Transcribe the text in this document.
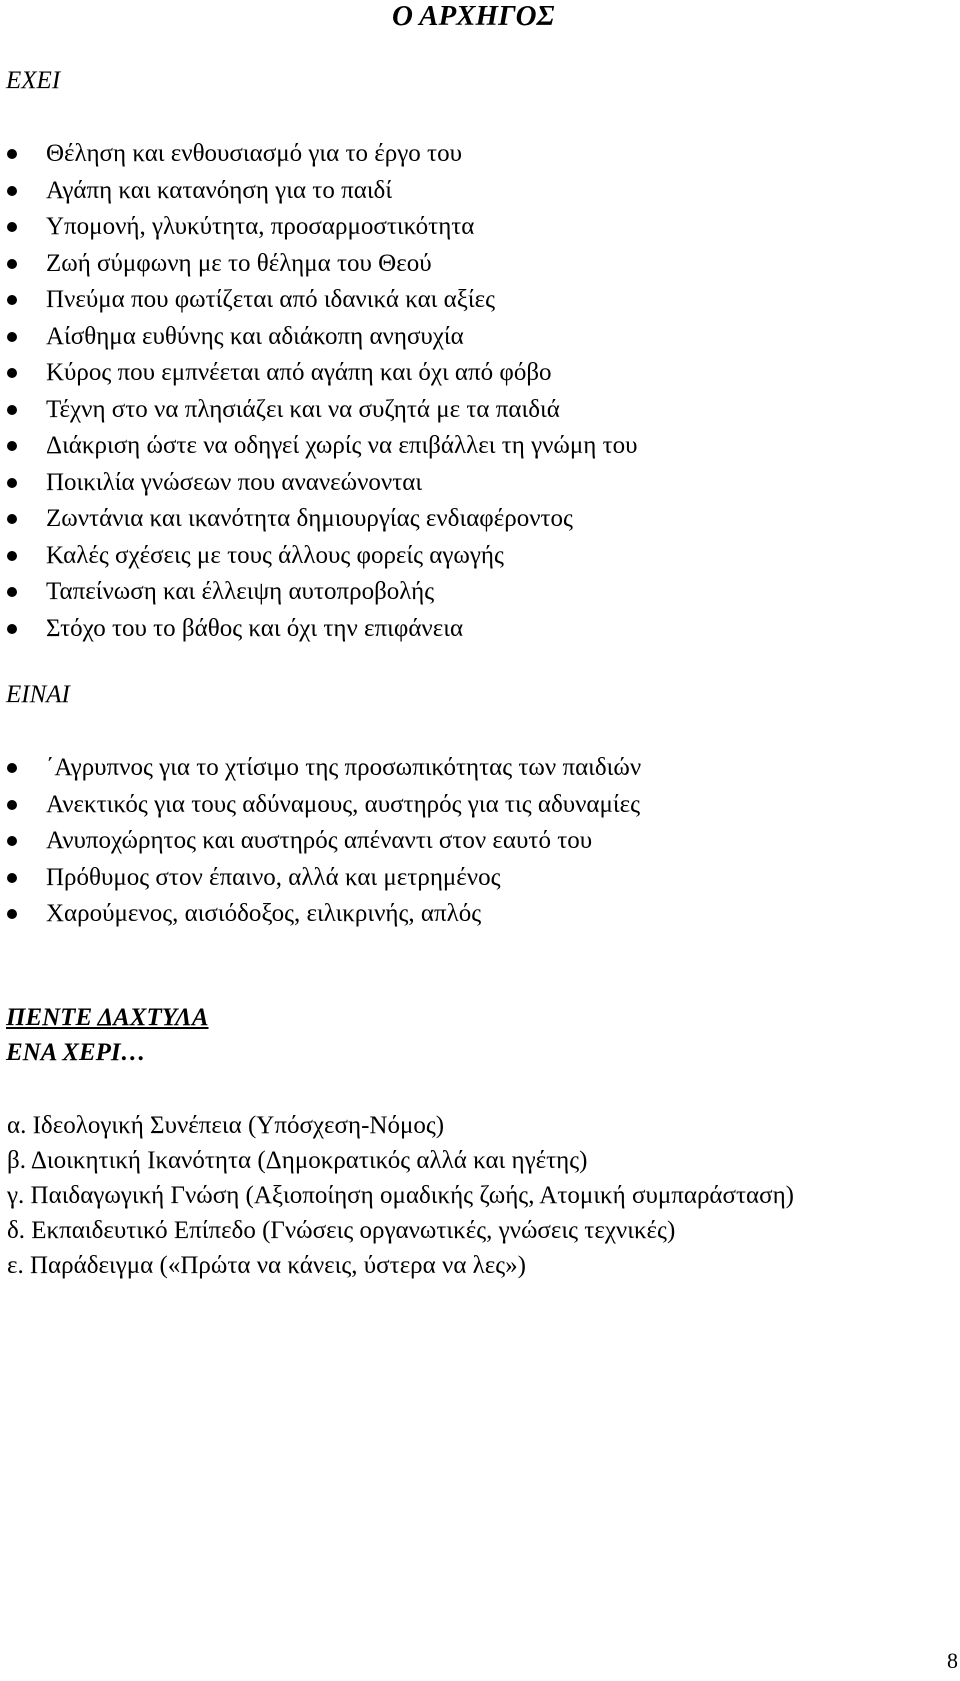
Ο ΑΡΧΗΓΟΣ
ΕΧΕΙ
Θέληση και ενθουσιασμό για το έργο του
Αγάπη και κατανόηση για το παιδί
Υπομονή, γλυκύτητα, προσαρμοστικότητα
Ζωή σύμφωνη με το θέλημα του Θεού
Πνεύμα που φωτίζεται από ιδανικά και αξίες
Αίσθημα ευθύνης και αδιάκοπη ανησυχία
Κύρος που εμπνέεται από αγάπη και όχι από φόβο
Τέχνη στο να πλησιάζει και να συζητά με τα παιδιά
Διάκριση ώστε να οδηγεί χωρίς να επιβάλλει τη γνώμη του
Ποικιλία γνώσεων που ανανεώνονται
Ζωντάνια και ικανότητα δημιουργίας ενδιαφέροντος
Καλές σχέσεις με τους άλλους φορείς αγωγής
Ταπείνωση και έλλειψη αυτοπροβολής
Στόχο του το βάθος και όχι την επιφάνεια
ΕΙΝΑΙ
΄Αγρυπνος για το χτίσιμο της προσωπικότητας των παιδιών
Ανεκτικός για τους αδύναμους, αυστηρός για τις αδυναμίες
Ανυποχώρητος και αυστηρός απέναντι στον εαυτό του
Πρόθυμος στον έπαινο, αλλά και μετρημένος
Χαρούμενος, αισιόδοξος, ειλικρινής, απλός
ΠΕΝΤΕ ΔΑΧΤΥΛΑ
ΕΝΑ ΧΕΡΙ…
α. Ιδεολογική Συνέπεια (Υπόσχεση-Νόμος)
β. Διοικητική Ικανότητα (Δημοκρατικός αλλά και ηγέτης)
γ. Παιδαγωγική Γνώση (Αξιοποίηση ομαδικής ζωής, Ατομική συμπαράσταση)
δ. Εκπαιδευτικό Επίπεδο (Γνώσεις οργανωτικές, γνώσεις τεχνικές)
ε. Παράδειγμα («Πρώτα να κάνεις, ύστερα να λες»)
8
